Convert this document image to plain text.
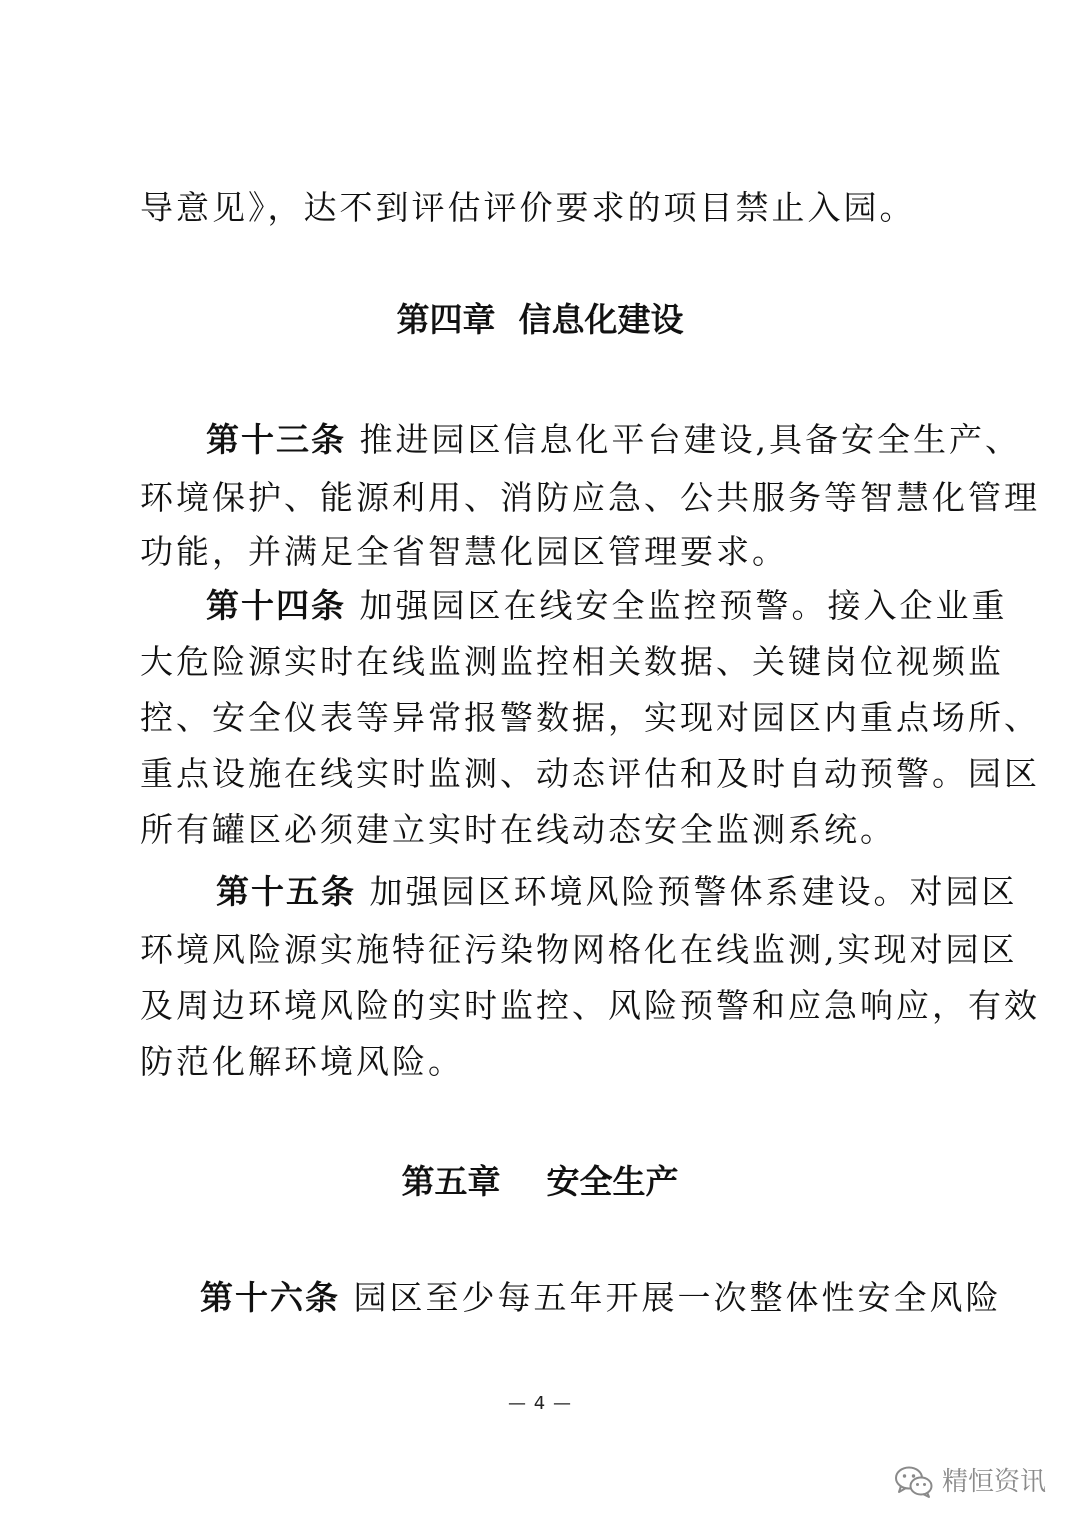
导意见》，达不到评估评价要求的项目禁止入园。
第四章  信息化建设
第十三条 推进园区信息化平台建设,具备安全生产、
环境保护、能源利用、消防应急、公共服务等智慧化管理
功能，并满足全省智慧化园区管理要求。
第十四条 加强园区在线安全监控预警。接入企业重
大危险源实时在线监测监控相关数据、关键岗位视频监
控、安全仪表等异常报警数据，实现对园区内重点场所、
重点设施在线实时监测、动态评估和及时自动预警。园区
所有罐区必须建立实时在线动态安全监测系统。
第十五条 加强园区环境风险预警体系建设。对园区
环境风险源实施特征污染物网格化在线监测,实现对园区
及周边环境风险的实时监控、风险预警和应急响应，有效
防范化解环境风险。
第五章    安全生产
第十六条 园区至少每五年开展一次整体性安全风险
— 4 —
精恒资讯
